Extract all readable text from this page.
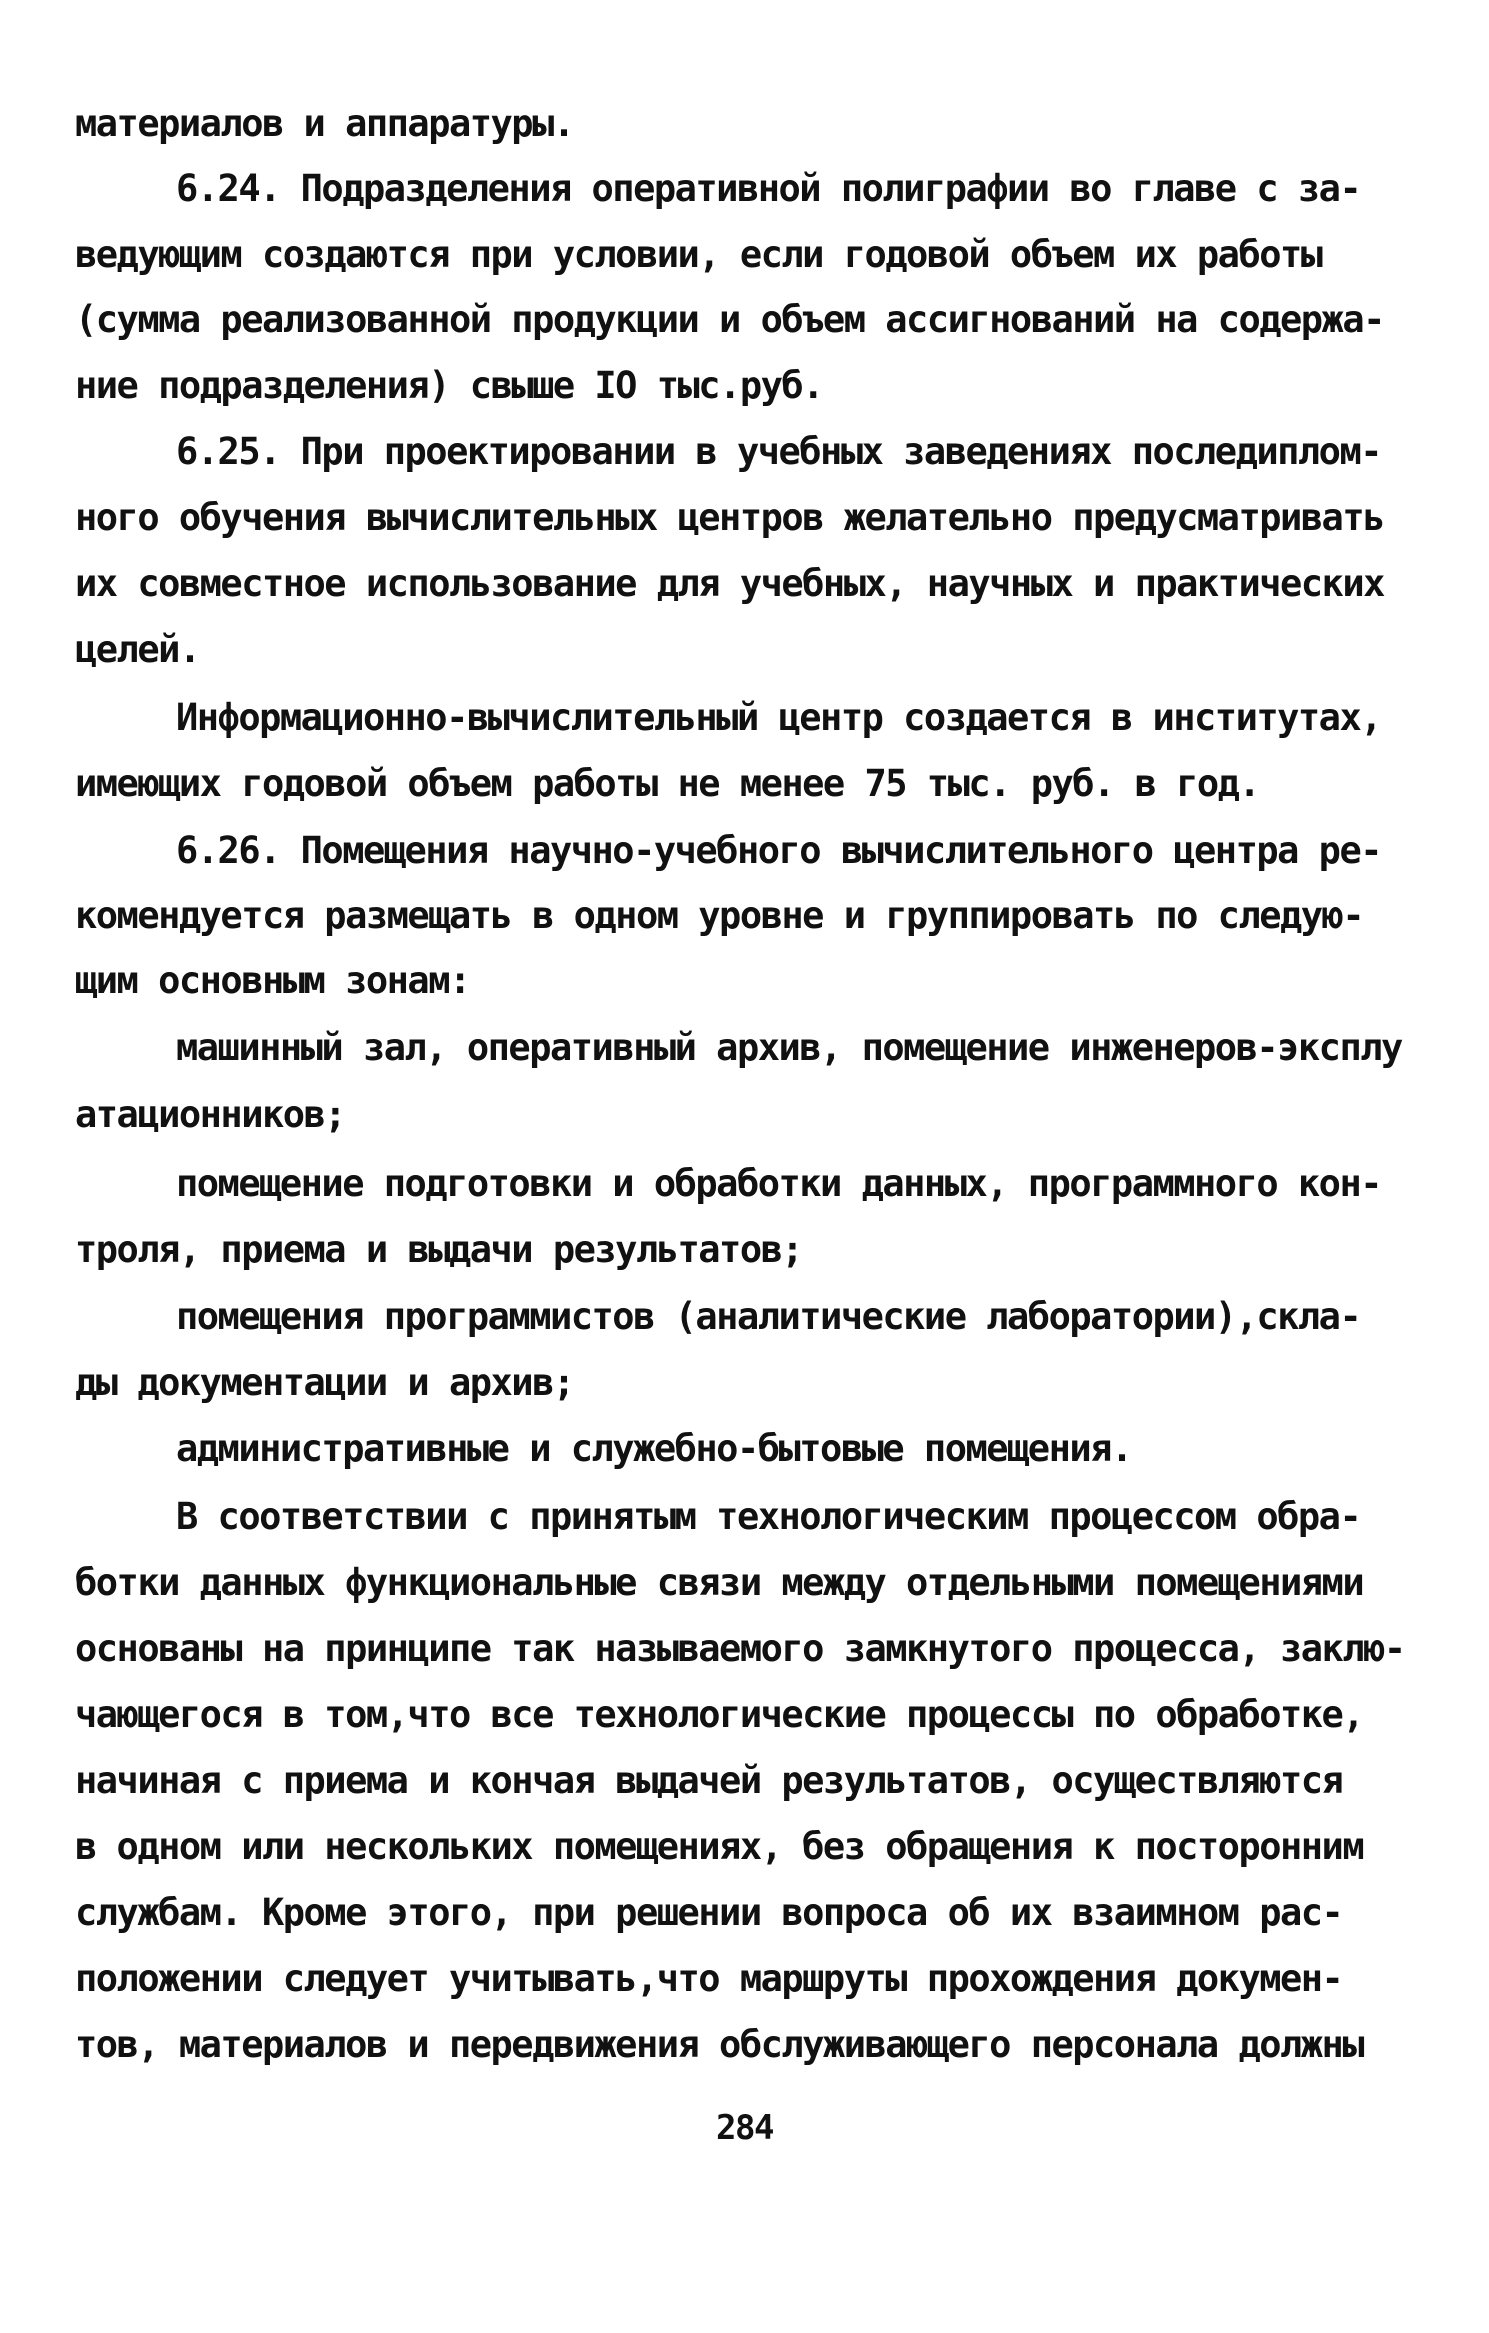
материалов и аппаратуры.
6.24. Подразделения оперативной полиграфии во главе с за-
ведующим создаются при условии, если годовой объем их работы
(сумма реализованной продукции и объем ассигнований на содержа-
ние подразделения) свыше IO тыс.руб.
6.25. При проектировании в учебных заведениях последиплом-
ного обучения вычислительных центров желательно предусматривать
их совместное использование для учебных, научных и практических
целей.
Информационно-вычислительный центр создается в институтах,
имеющих годовой объем работы не менее 75 тыс. руб. в год.
6.26. Помещения научно-учебного вычислительного центра ре-
комендуется размещать в одном уровне и группировать по следую-
щим основным зонам:
машинный зал, оперативный архив, помещение инженеров-эксплу
атационников;
помещение подготовки и обработки данных, программного кон-
троля, приема и выдачи результатов;
помещения программистов (аналитические лаборатории),скла-
ды документации и архив;
административные и служебно-бытовые помещения.
В соответствии с принятым технологическим процессом обра-
ботки данных функциональные связи между отдельными помещениями
основаны на принципе так называемого замкнутого процесса, заклю-
чающегося в том,что все технологические процессы по обработке,
начиная с приема и кончая выдачей результатов, осуществляются
в одном или нескольких помещениях, без обращения к посторонним
службам. Кроме этого, при решении вопроса об их взаимном рас-
положении следует учитывать,что маршруты прохождения докумен-
тов, материалов и передвижения обслуживающего персонала должны
284
